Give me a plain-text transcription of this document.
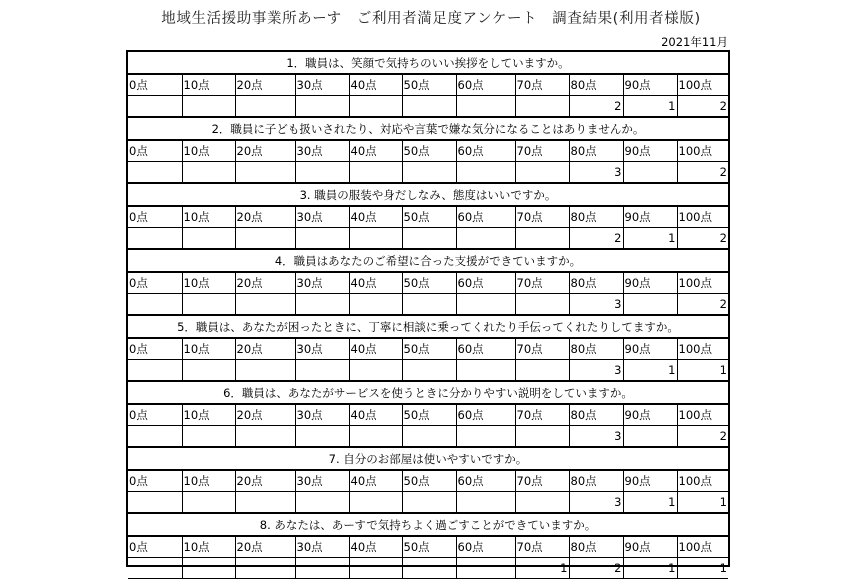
地域生活援助事業所あーす　ご利用者満足度アンケート　調査結果(利用者様版)
2021年11月
1．職員は、笑顔で気持ちのいい挨拶をしていますか。
0点	10点	20点	30点	40点	50点	60点	70点	80点	90点	100点
								2	1	2
2．職員に子ども扱いされたり、対応や言葉で嫌な気分になることはありませんか。
0点	10点	20点	30点	40点	50点	60点	70点	80点	90点	100点
								3		2
3. 職員の服装や身だしなみ、態度はいいですか。
0点	10点	20点	30点	40点	50点	60点	70点	80点	90点	100点
								2	1	2
4．職員はあなたのご希望に合った支援ができていますか。
0点	10点	20点	30点	40点	50点	60点	70点	80点	90点	100点
								3		2
5．職員は、あなたが困ったときに、丁寧に相談に乗ってくれたり手伝ってくれたりしてますか。
0点	10点	20点	30点	40点	50点	60点	70点	80点	90点	100点
								3	1	1
6．職員は、あなたがサービスを使うときに分かりやすい説明をしていますか。
0点	10点	20点	30点	40点	50点	60点	70点	80点	90点	100点
								3		2
7. 自分のお部屋は使いやすいですか。
0点	10点	20点	30点	40点	50点	60点	70点	80点	90点	100点
								3	1	1
8. あなたは、あーすで気持ちよく過ごすことができていますか。
0点	10点	20点	30点	40点	50点	60点	70点	80点	90点	100点
							1	2	1	1
